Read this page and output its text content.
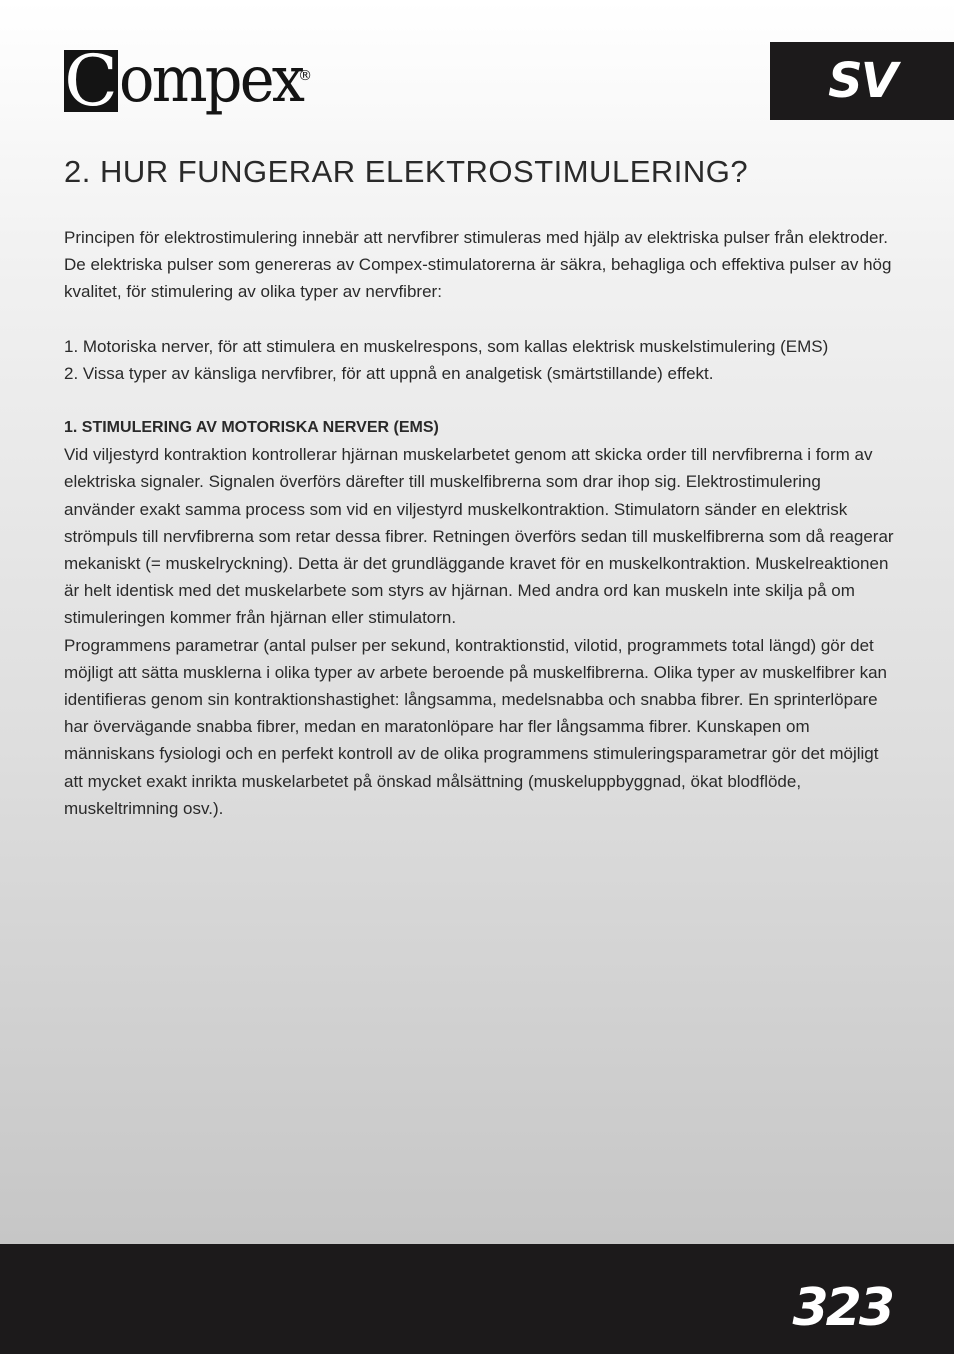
C ompex
®	SV
2. HUR FUNGERAR ELEKTROSTIMULERING?

Principen för elektrostimulering innebär att nervfibrer stimuleras med hjälp av elektriska pulser från elektroder. De elektriska pulser som genereras av Compex-stimulatorerna är säkra, behagliga och effektiva pulser av hög kvalitet, för stimulering av olika typer av nervfibrer:

1. Motoriska nerver, för att stimulera en muskelrespons, som kallas elektrisk muskelstimulering (EMS)

2. Vissa typer av känsliga nervfibrer, för att uppnå en analgetisk (smärtstillande) effekt.

1. STIMULERING AV MOTORISKA NERVER (EMS)

Vid viljestyrd kontraktion kontrollerar hjärnan muskelarbetet genom att skicka order till nervfibrerna i form av elektriska signaler. Signalen överförs därefter till muskelfibrerna som drar ihop sig. Elektrostimulering använder exakt samma process som vid en viljestyrd muskelkontraktion. Stimulatorn sänder en elektrisk strömpuls till nervfibrerna som retar dessa fibrer. Retningen överförs sedan till muskelfibrerna som då reagerar mekaniskt (= muskelryckning). Detta är det grundläggande kravet för en muskelkontraktion. Muskelreaktionen är helt identisk med det muskelarbete som styrs av hjärnan. Med andra ord kan muskeln inte skilja på om stimuleringen kommer från hjärnan eller stimulatorn.

Programmens parametrar (antal pulser per sekund, kontraktionstid, vilotid, programmets total längd) gör det möjligt att sätta musklerna i olika typer av arbete beroende på muskelfibrerna. Olika typer av muskelfibrer kan identifieras genom sin kontraktionshastighet: långsamma, medelsnabba och snabba fibrer. En sprinterlöpare har övervägande snabba fibrer, medan en maratonlöpare har fler långsamma fibrer. Kunskapen om människans fysiologi och en perfekt kontroll av de olika programmens stimuleringsparametrar gör det möjligt att mycket exakt inrikta muskelarbetet på önskad målsättning (muskeluppbyggnad, ökat blodflöde, muskeltrimning osv.).

323
